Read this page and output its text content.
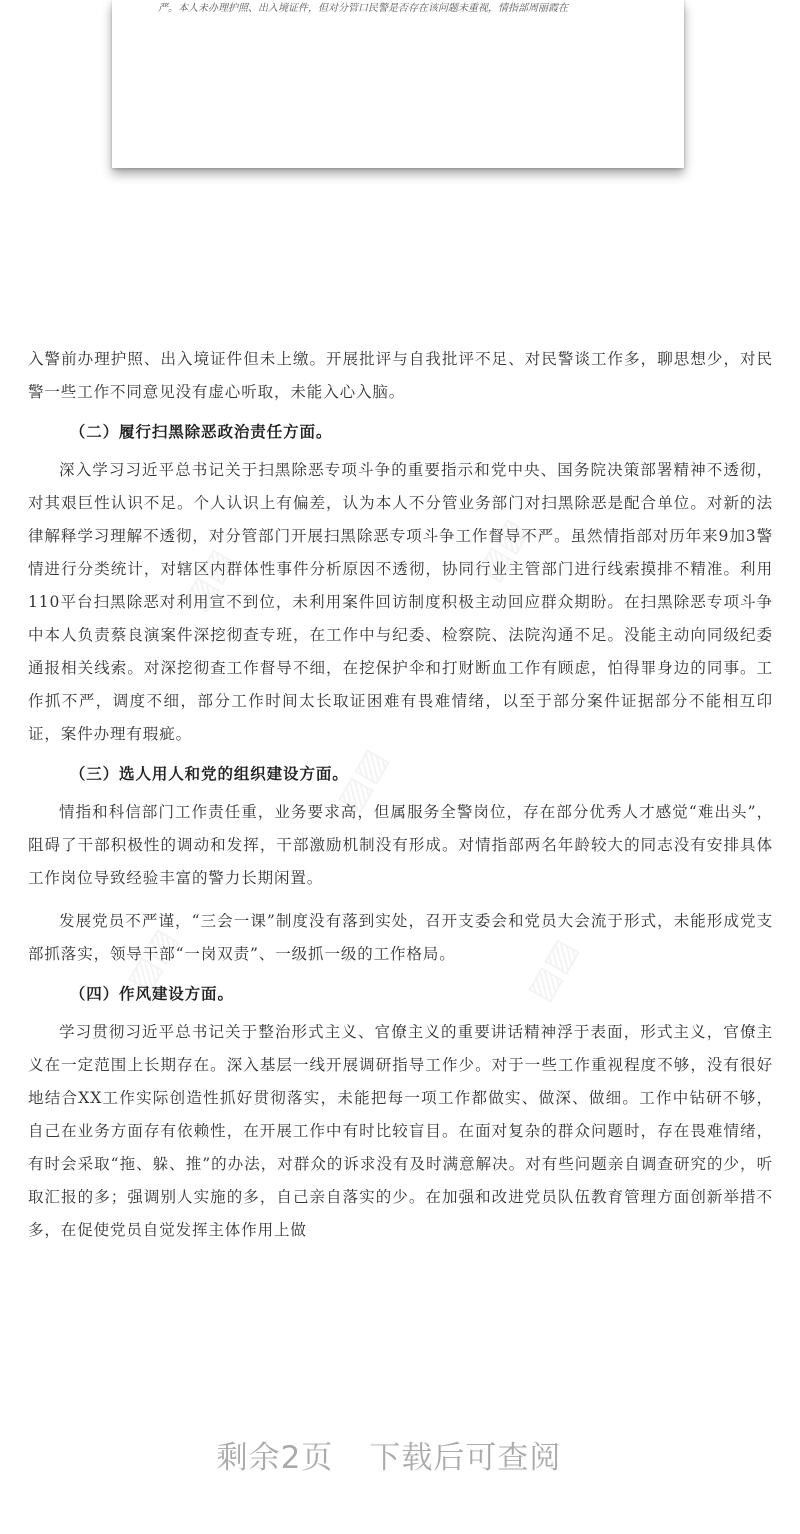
严。本人未办理护照、出入境证件，但对分管口民警是否存在该问题未重视，情指部周丽霞在
▨▨	▨▨
▨▨
▨▨	▨▨

入警前办理护照、出入境证件但未上缴。开展批评与自我批评不足、对民警谈工作多，聊思想少，对民警一些工作不同意见没有虚心听取，未能入心入脑。

（二）履行扫黑除恶政治责任方面。

深入学习习近平总书记关于扫黑除恶专项斗争的重要指示和党中央、国务院决策部署精神不透彻，对其艰巨性认识不足。个人认识上有偏差，认为本人不分管业务部门对扫黑除恶是配合单位。对新的法律解释学习理解不透彻，对分管部门开展扫黑除恶专项斗争工作督导不严。虽然情指部对历年来9加3警情进行分类统计，对辖区内群体性事件分析原因不透彻，协同行业主管部门进行线索摸排不精准。利用110平台扫黑除恶对利用宣不到位，未利用案件回访制度积极主动回应群众期盼。在扫黑除恶专项斗争中本人负责蔡良演案件深挖彻查专班，在工作中与纪委、检察院、法院沟通不足。没能主动向同级纪委通报相关线索。对深挖彻查工作督导不细，在挖保护伞和打财断血工作有顾虑，怕得罪身边的同事。工作抓不严，调度不细，部分工作时间太长取证困难有畏难情绪，以至于部分案件证据部分不能相互印证，案件办理有瑕疵。

（三）选人用人和党的组织建设方面。

情指和科信部门工作责任重，业务要求高，但属服务全警岗位，存在部分优秀人才感觉“难出头”，阻碍了干部积极性的调动和发挥，干部激励机制没有形成。对情指部两名年龄较大的同志没有安排具体工作岗位导致经验丰富的警力长期闲置。

发展党员不严谨，“三会一课”制度没有落到实处，召开支委会和党员大会流于形式，未能形成党支部抓落实，领导干部“一岗双责”、一级抓一级的工作格局。

（四）作风建设方面。

学习贯彻习近平总书记关于整治形式主义、官僚主义的重要讲话精神浮于表面，形式主义，官僚主义在一定范围上长期存在。深入基层一线开展调研指导工作少。对于一些工作重视程度不够，没有很好地结合XX工作实际创造性抓好贯彻落实，未能把每一项工作都做实、做深、做细。工作中钻研不够，自己在业务方面存有依赖性，在开展工作中有时比较盲目。在面对复杂的群众问题时，存在畏难情绪，有时会采取“拖、躲、推”的办法，对群众的诉求没有及时满意解决。对有些问题亲自调查研究的少，听取汇报的多；强调别人实施的多，自己亲自落实的少。在加强和改进党员队伍教育管理方面创新举措不多，在促使党员自觉发挥主体作用上做

剩余2页 下载后可查阅
